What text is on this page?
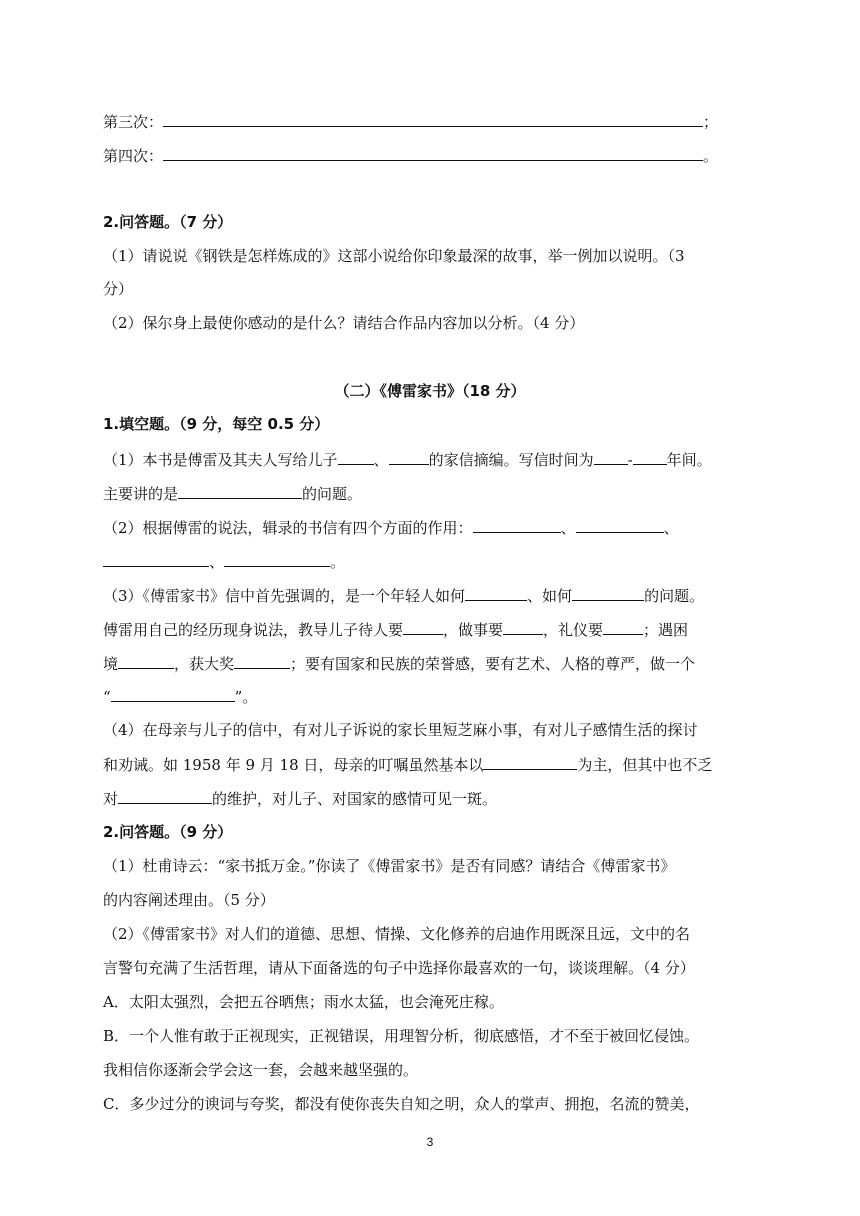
第三次：	；
第四次：	。
2.问答题。（7 分）
（1）请说说《钢铁是怎样炼成的》这部小说给你印象最深的故事，举一例加以说明。（3
分）
（2）保尔身上最使你感动的是什么？请结合作品内容加以分析。（4 分）
（二）《傅雷家书》（18 分）
1.填空题。（9 分，每空 0.5 分）
（1）本书是傅雷及其夫人写给儿子 、	的家信摘编。写信时间为 - 年间。
主要讲的是	的问题。
（2）根据傅雷的说法，辑录的书信有四个方面的作用：	、	、
、	。
（3）《傅雷家书》信中首先强调的，是一个年轻人如何	、如何	的问题。
傅雷用自己的经历现身说法，教导儿子待人要	，做事要	，礼仪要	；遇困
境	，获大奖	；要有国家和民族的荣誉感，要有艺术、人格的尊严，做一个
“	”。
（4）在母亲与儿子的信中，有对儿子诉说的家长里短芝麻小事，有对儿子感情生活的探讨
和劝诫。如 1958 年 9 月 18 日，母亲的叮嘱虽然基本以	为主，但其中也不乏
对	的维护，对儿子、对国家的感情可见一斑。
2.问答题。（9 分）
（1）杜甫诗云：“家书抵万金。”你读了《傅雷家书》是否有同感？请结合《傅雷家书》
的内容阐述理由。（5 分）
（2）《傅雷家书》对人们的道德、思想、情操、文化修养的启迪作用既深且远，文中的名
言警句充满了生活哲理，请从下面备选的句子中选择你最喜欢的一句，谈谈理解。（4 分）
A．太阳太强烈，会把五谷晒焦；雨水太猛，也会淹死庄稼。
B．一个人惟有敢于正视现实，正视错误，用理智分析，彻底感悟，才不至于被回忆侵蚀。
我相信你逐渐会学会这一套，会越来越坚强的。
C．多少过分的谀词与夸奖，都没有使你丧失自知之明，众人的掌声、拥抱，名流的赞美，
3
